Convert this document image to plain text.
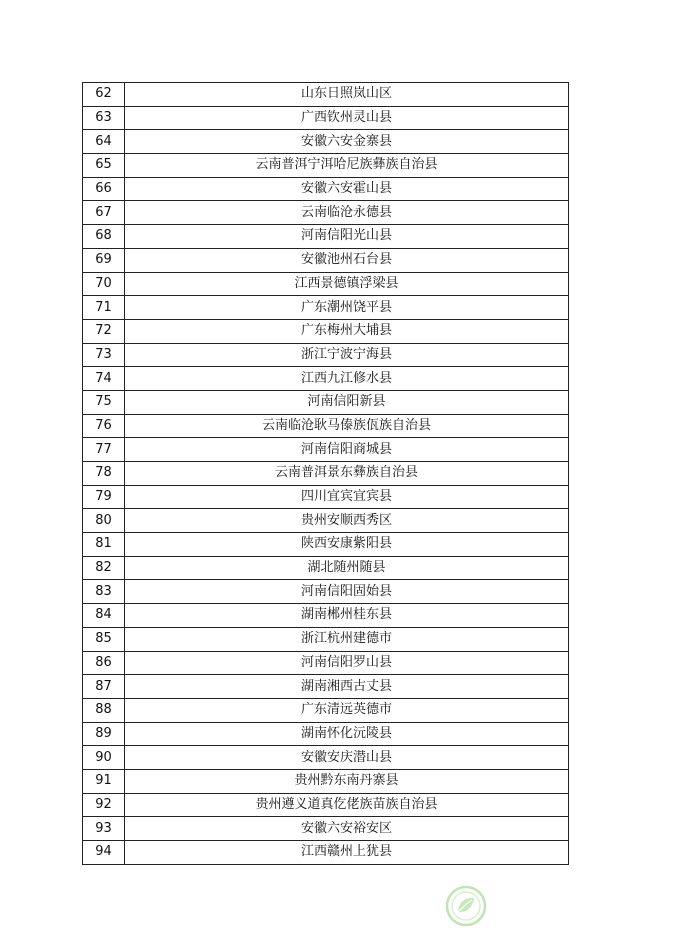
62	山东日照岚山区
63	广西钦州灵山县
64	安徽六安金寨县
65	云南普洱宁洱哈尼族彝族自治县
66	安徽六安霍山县
67	云南临沧永德县
68	河南信阳光山县
69	安徽池州石台县
70	江西景德镇浮梁县
71	广东潮州饶平县
72	广东梅州大埔县
73	浙江宁波宁海县
74	江西九江修水县
75	河南信阳新县
76	云南临沧耿马傣族佤族自治县
77	河南信阳商城县
78	云南普洱景东彝族自治县
79	四川宜宾宜宾县
80	贵州安顺西秀区
81	陕西安康紫阳县
82	湖北随州随县
83	河南信阳固始县
84	湖南郴州桂东县
85	浙江杭州建德市
86	河南信阳罗山县
87	湖南湘西古丈县
88	广东清远英德市
89	湖南怀化沅陵县
90	安徽安庆潜山县
91	贵州黔东南丹寨县
92	贵州遵义道真仡佬族苗族自治县
93	安徽六安裕安区
94	江西赣州上犹县
